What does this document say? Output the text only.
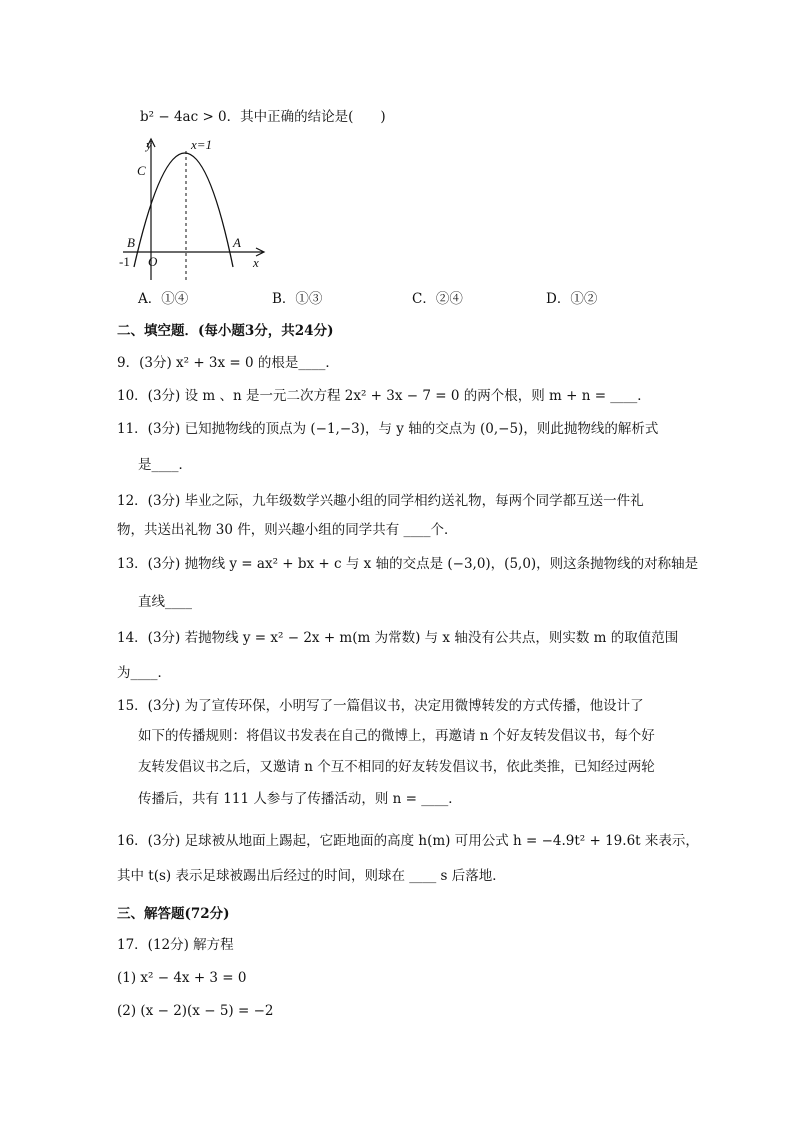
b² − 4ac > 0．其中正确的结论是(　　)
y	x=1
C
B	A
-1 O	x
A．①④	B．①③	C．②④	D．①②
二、填空题．(每小题3分，共24分)
9．(3分) x² + 3x = 0 的根是____．
10．(3分) 设 m 、n 是一元二次方程 2x² + 3x − 7 = 0 的两个根，则 m + n = ____．
11．(3分) 已知抛物线的顶点为 (−1,−3)，与 y 轴的交点为 (0,−5)，则此抛物线的解析式
是____．
12．(3分) 毕业之际，九年级数学兴趣小组的同学相约送礼物，每两个同学都互送一件礼
物，共送出礼物 30 件，则兴趣小组的同学共有 ____个．
13．(3分) 抛物线 y = ax² + bx + c 与 x 轴的交点是 (−3,0)，(5,0)，则这条抛物线的对称轴是
直线____
14．(3分) 若抛物线 y = x² − 2x + m(m 为常数) 与 x 轴没有公共点，则实数 m 的取值范围
为____．
15．(3分) 为了宣传环保，小明写了一篇倡议书，决定用微博转发的方式传播，他设计了
如下的传播规则：将倡议书发表在自己的微博上，再邀请 n 个好友转发倡议书，每个好
友转发倡议书之后，又邀请 n 个互不相同的好友转发倡议书，依此类推，已知经过两轮
传播后，共有 111 人参与了传播活动，则 n = ____．
16．(3分) 足球被从地面上踢起，它距地面的高度 h(m) 可用公式 h = −4.9t² + 19.6t 来表示，
其中 t(s) 表示足球被踢出后经过的时间，则球在 ____ s 后落地．
三、解答题(72分)
17．(12分) 解方程
(1) x² − 4x + 3 = 0
(2) (x − 2)(x − 5) = −2
